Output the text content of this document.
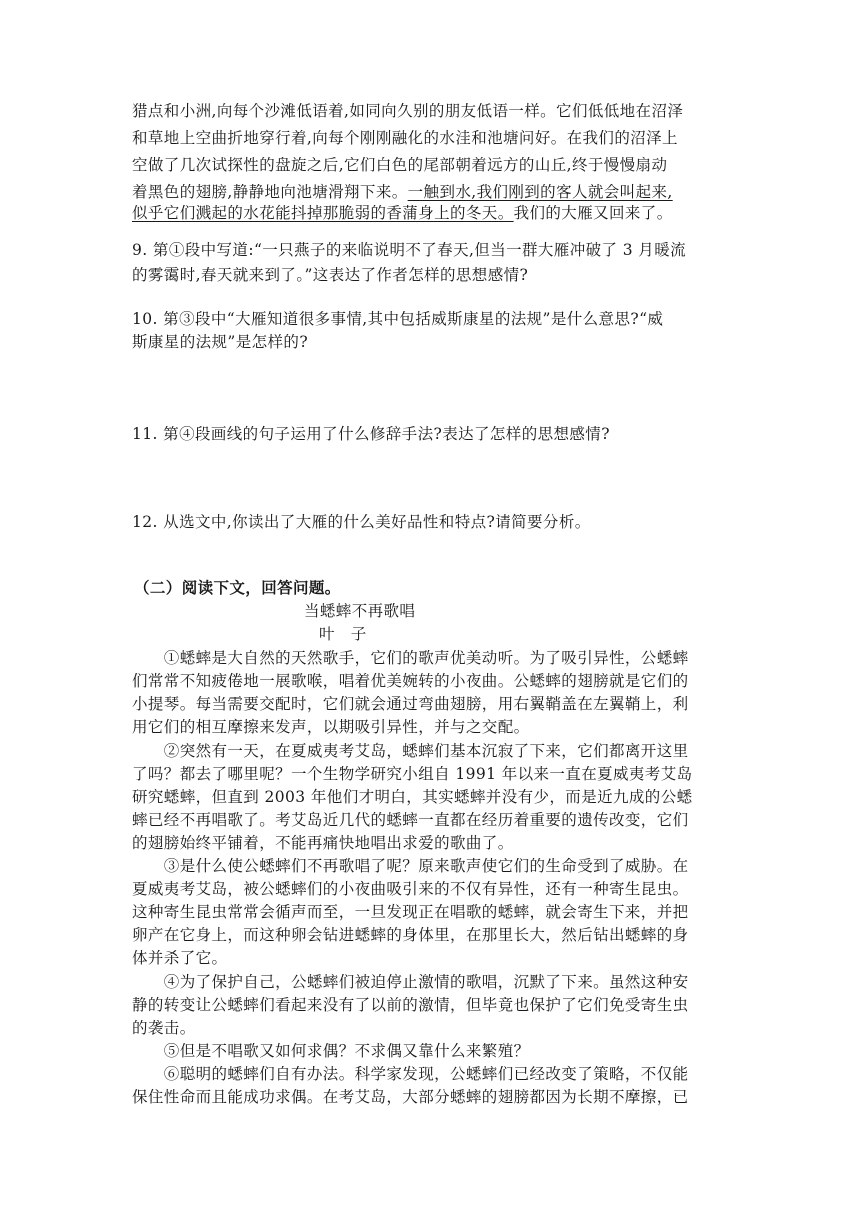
猎点和小洲,向每个沙滩低语着,如同向久别的朋友低语一样。它们低低地在沼泽
和草地上空曲折地穿行着,向每个刚刚融化的水洼和池塘问好。在我们的沼泽上
空做了几次试探性的盘旋之后,它们白色的尾部朝着远方的山丘,终于慢慢扇动
着黑色的翅膀,静静地向池塘滑翔下来。一触到水,我们刚到的客人就会叫起来,
似乎它们溅起的水花能抖掉那脆弱的香蒲身上的冬天。我们的大雁又回来了。
9. 第①段中写道:“一只燕子的来临说明不了春天,但当一群大雁冲破了 3 月暖流
的雾霭时,春天就来到了。”这表达了作者怎样的思想感情?
10. 第③段中“大雁知道很多事情,其中包括威斯康星的法规”是什么意思?“威
斯康星的法规”是怎样的?
11. 第④段画线的句子运用了什么修辞手法?表达了怎样的思想感情?
12. 从选文中,你读出了大雁的什么美好品性和特点?请简要分析。
（二）阅读下文，回答问题。
当蟋蟀不再歌唱
叶　子
　　①蟋蟀是大自然的天然歌手，它们的歌声优美动听。为了吸引异性，公蟋蟀
们常常不知疲倦地一展歌喉，唱着优美婉转的小夜曲。公蟋蟀的翅膀就是它们的
小提琴。每当需要交配时，它们就会通过弯曲翅膀，用右翼鞘盖在左翼鞘上，利
用它们的相互摩擦来发声，以期吸引异性，并与之交配。
　　②突然有一天，在夏威夷考艾岛，蟋蟀们基本沉寂了下来，它们都离开这里
了吗？都去了哪里呢？一个生物学研究小组自 1991 年以来一直在夏威夷考艾岛
研究蟋蟀，但直到 2003 年他们才明白，其实蟋蟀并没有少，而是近九成的公蟋
蟀已经不再唱歌了。考艾岛近几代的蟋蟀一直都在经历着重要的遗传改变，它们
的翅膀始终平铺着，不能再痛快地唱出求爱的歌曲了。
　　③是什么使公蟋蟀们不再歌唱了呢？原来歌声使它们的生命受到了威胁。在
夏威夷考艾岛，被公蟋蟀们的小夜曲吸引来的不仅有异性，还有一种寄生昆虫。
这种寄生昆虫常常会循声而至，一旦发现正在唱歌的蟋蟀，就会寄生下来，并把
卵产在它身上，而这种卵会钻进蟋蟀的身体里，在那里长大，然后钻出蟋蟀的身
体并杀了它。
　　④为了保护自己，公蟋蟀们被迫停止激情的歌唱，沉默了下来。虽然这种安
静的转变让公蟋蟀们看起来没有了以前的激情，但毕竟也保护了它们免受寄生虫
的袭击。
　　⑤但是不唱歌又如何求偶？不求偶又靠什么来繁殖？
　　⑥聪明的蟋蟀们自有办法。科学家发现，公蟋蟀们已经改变了策略，不仅能
保住性命而且能成功求偶。在考艾岛，大部分蟋蟀的翅膀都因为长期不摩擦，已
